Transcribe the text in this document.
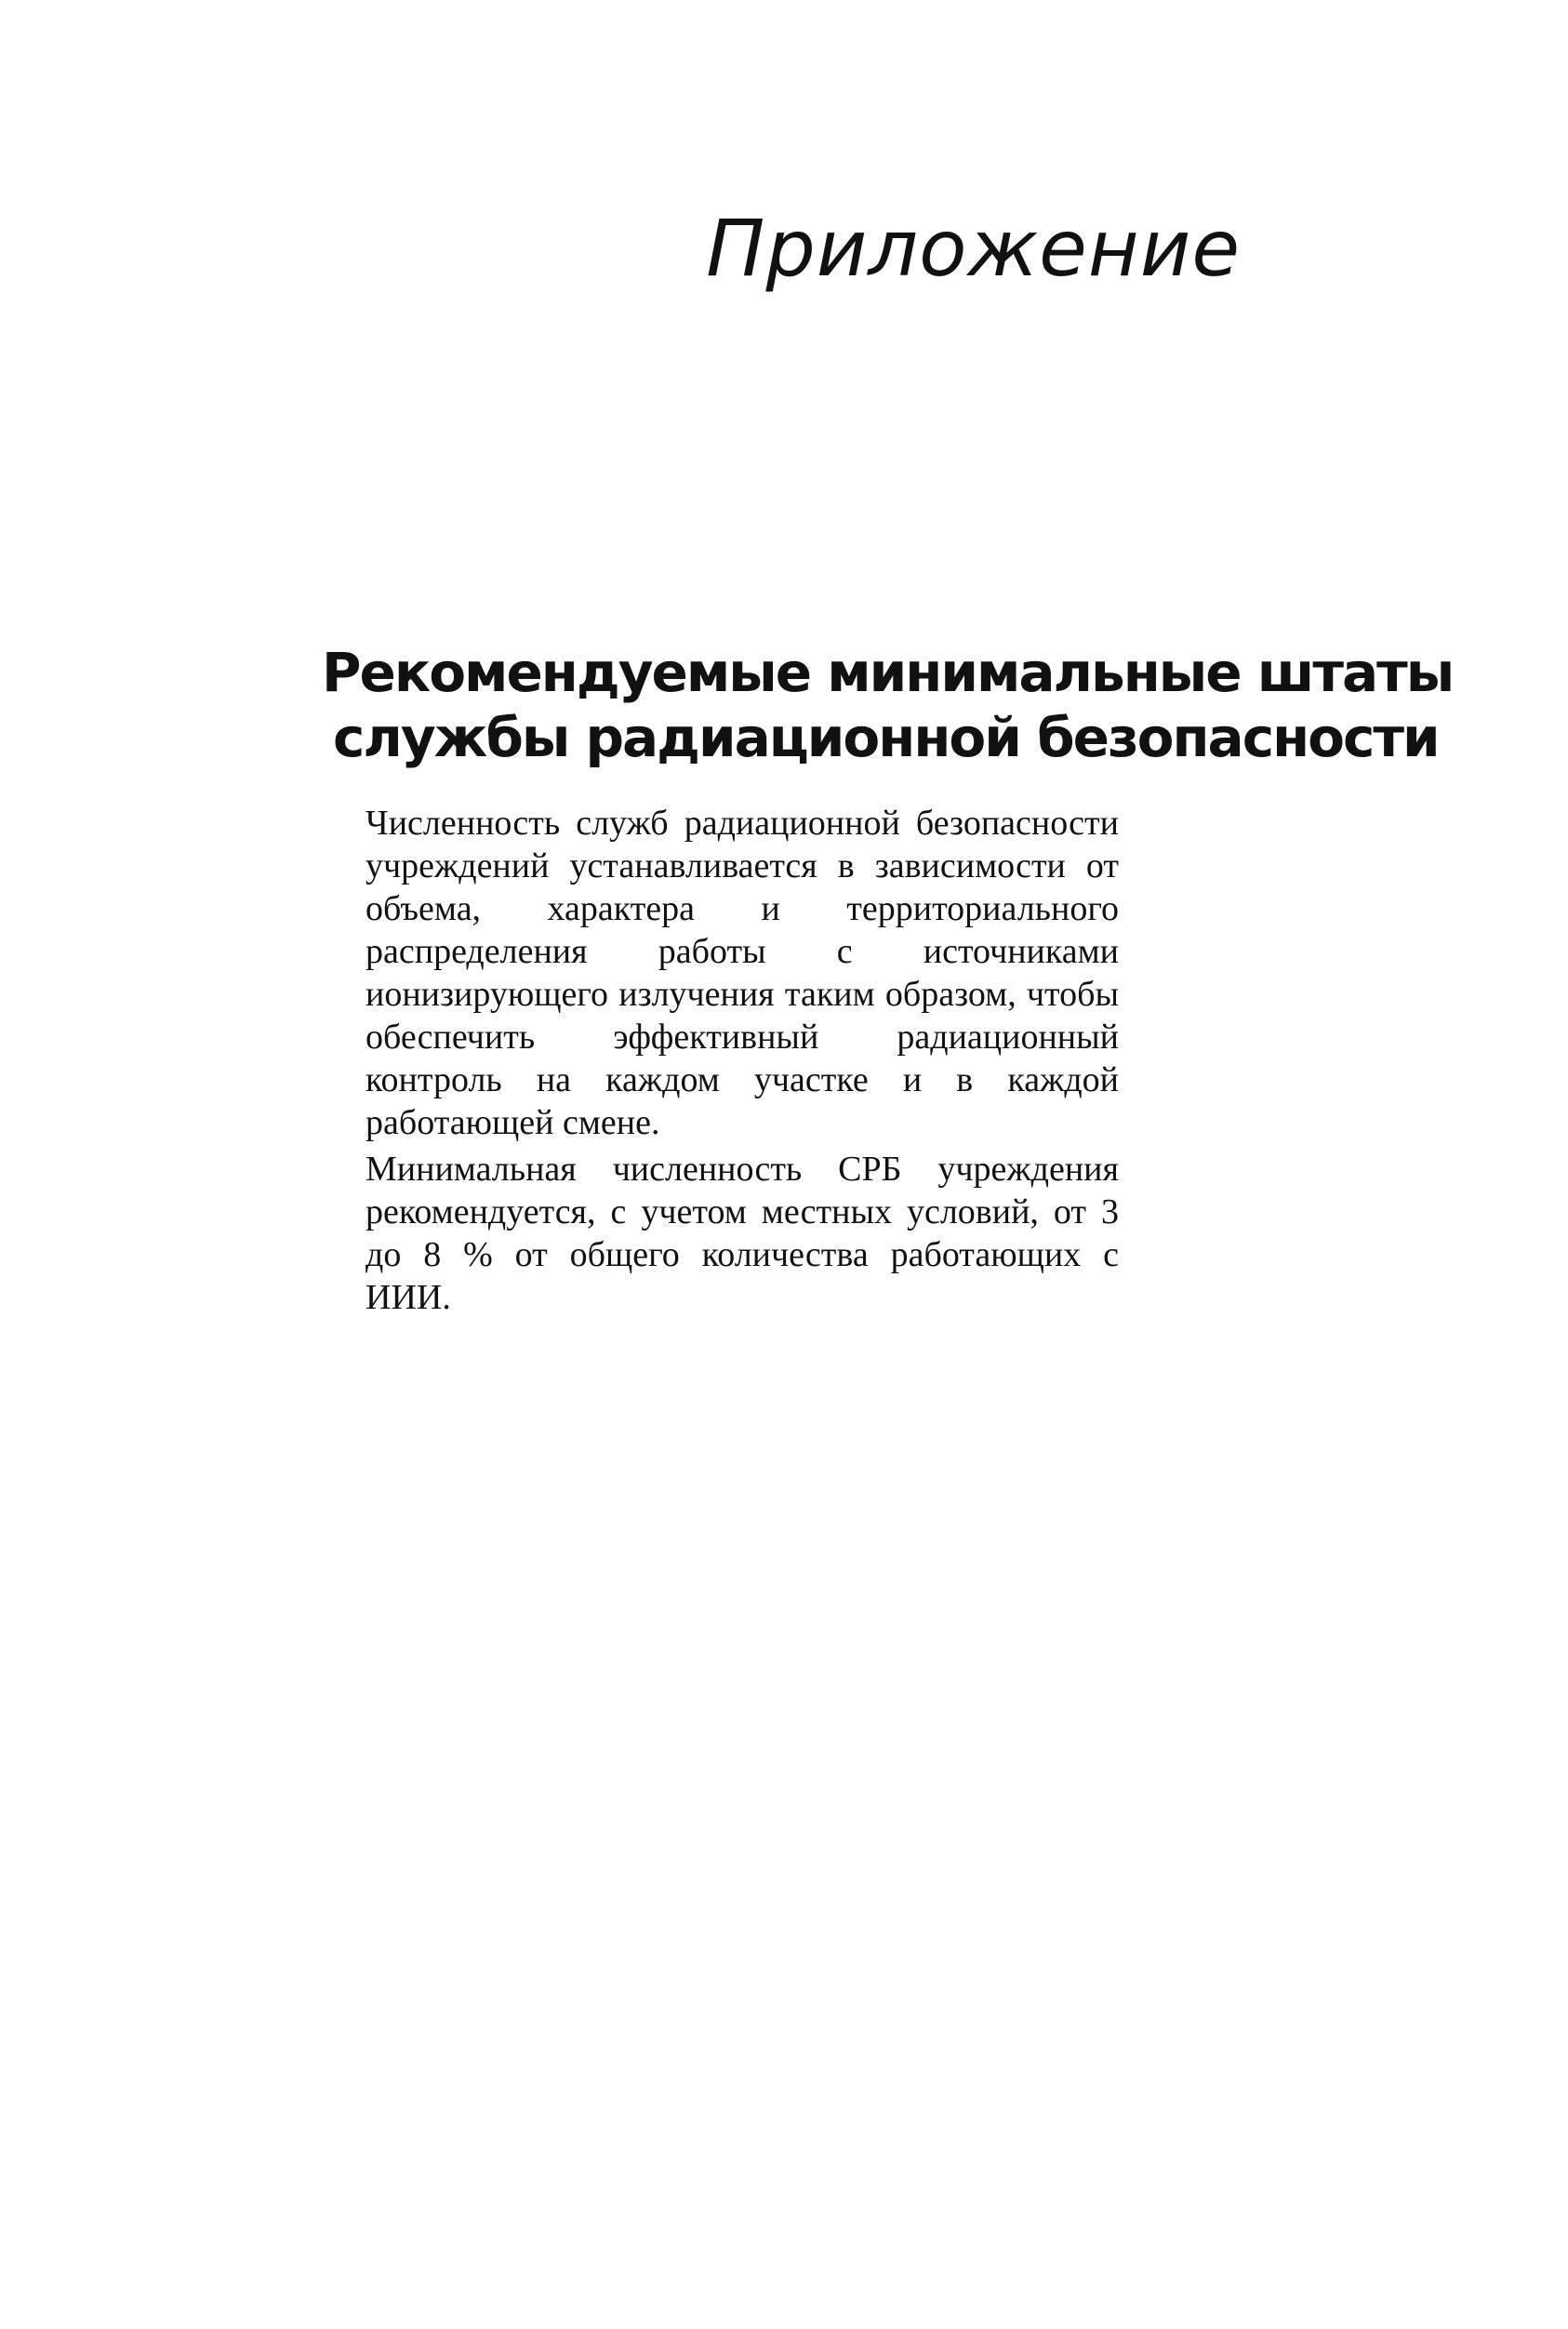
Приложение
Рекомендуемые минимальные штаты
службы радиационной безопасности

Численность служб радиационной безопасности учреждений устанавливается в зависимости от объема, характера и территориального распределения работы с источниками ионизирующего излучения таким образом, чтобы обеспечить эффективный радиационный контроль на каждом участке и в каждой работающей смене.

Минимальная численность СРБ учреждения рекомендуется, с учетом местных условий, от 3 до 8 % от общего количества работающих с ИИИ.
